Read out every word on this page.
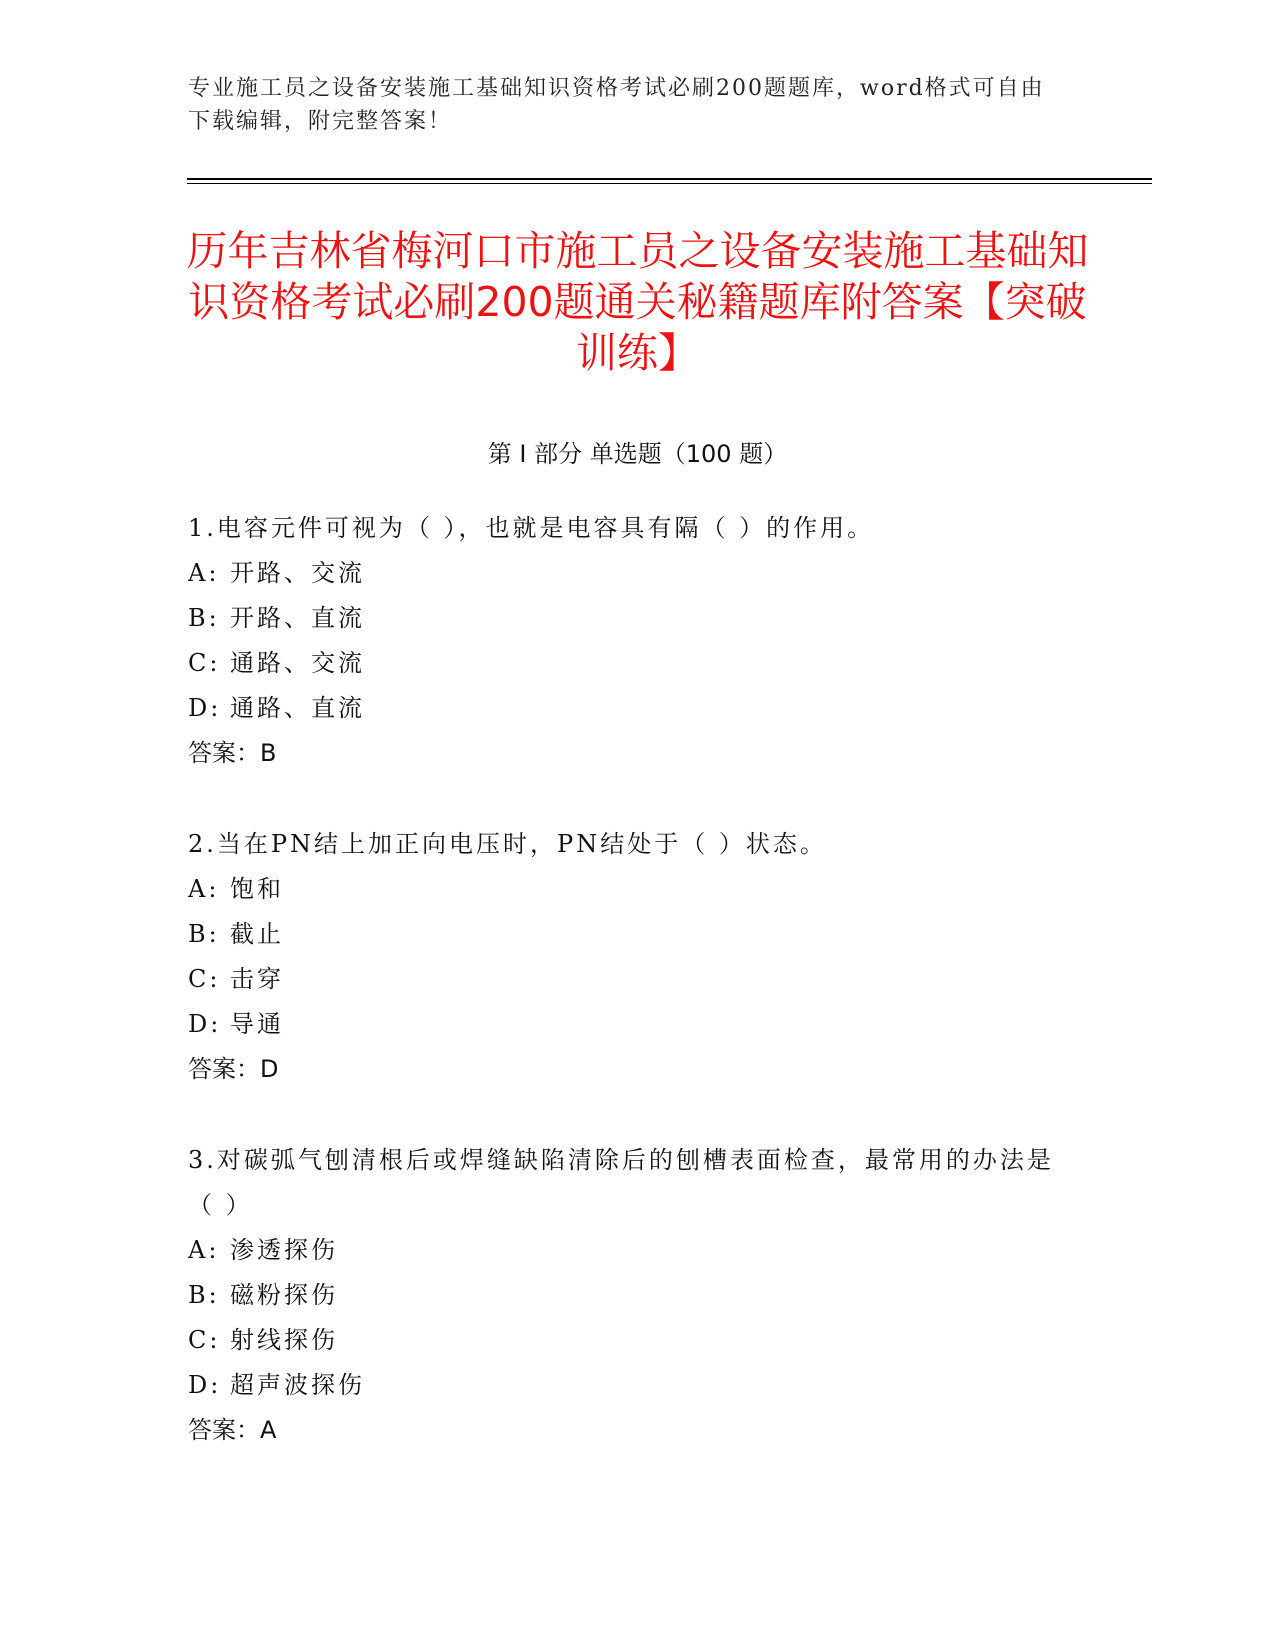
专业施工员之设备安装施工基础知识资格考试必刷200题题库，word格式可自由下载编辑，附完整答案！
历年吉林省梅河口市施工员之设备安装施工基础知识资格考试必刷200题通关秘籍题库附答案【突破训练】
第 I 部分 单选题（100 题）
1.电容元件可视为（ ），也就是电容具有隔（ ）的作用。
A: 开路、交流
B: 开路、直流
C: 通路、交流
D: 通路、直流
答案：B
2.当在PN结上加正向电压时，PN结处于（ ）状态。
A: 饱和
B: 截止
C: 击穿
D: 导通
答案：D
3.对碳弧气刨清根后或焊缝缺陷清除后的刨槽表面检查，最常用的办法是（ ）
A: 渗透探伤
B: 磁粉探伤
C: 射线探伤
D: 超声波探伤
答案：A
